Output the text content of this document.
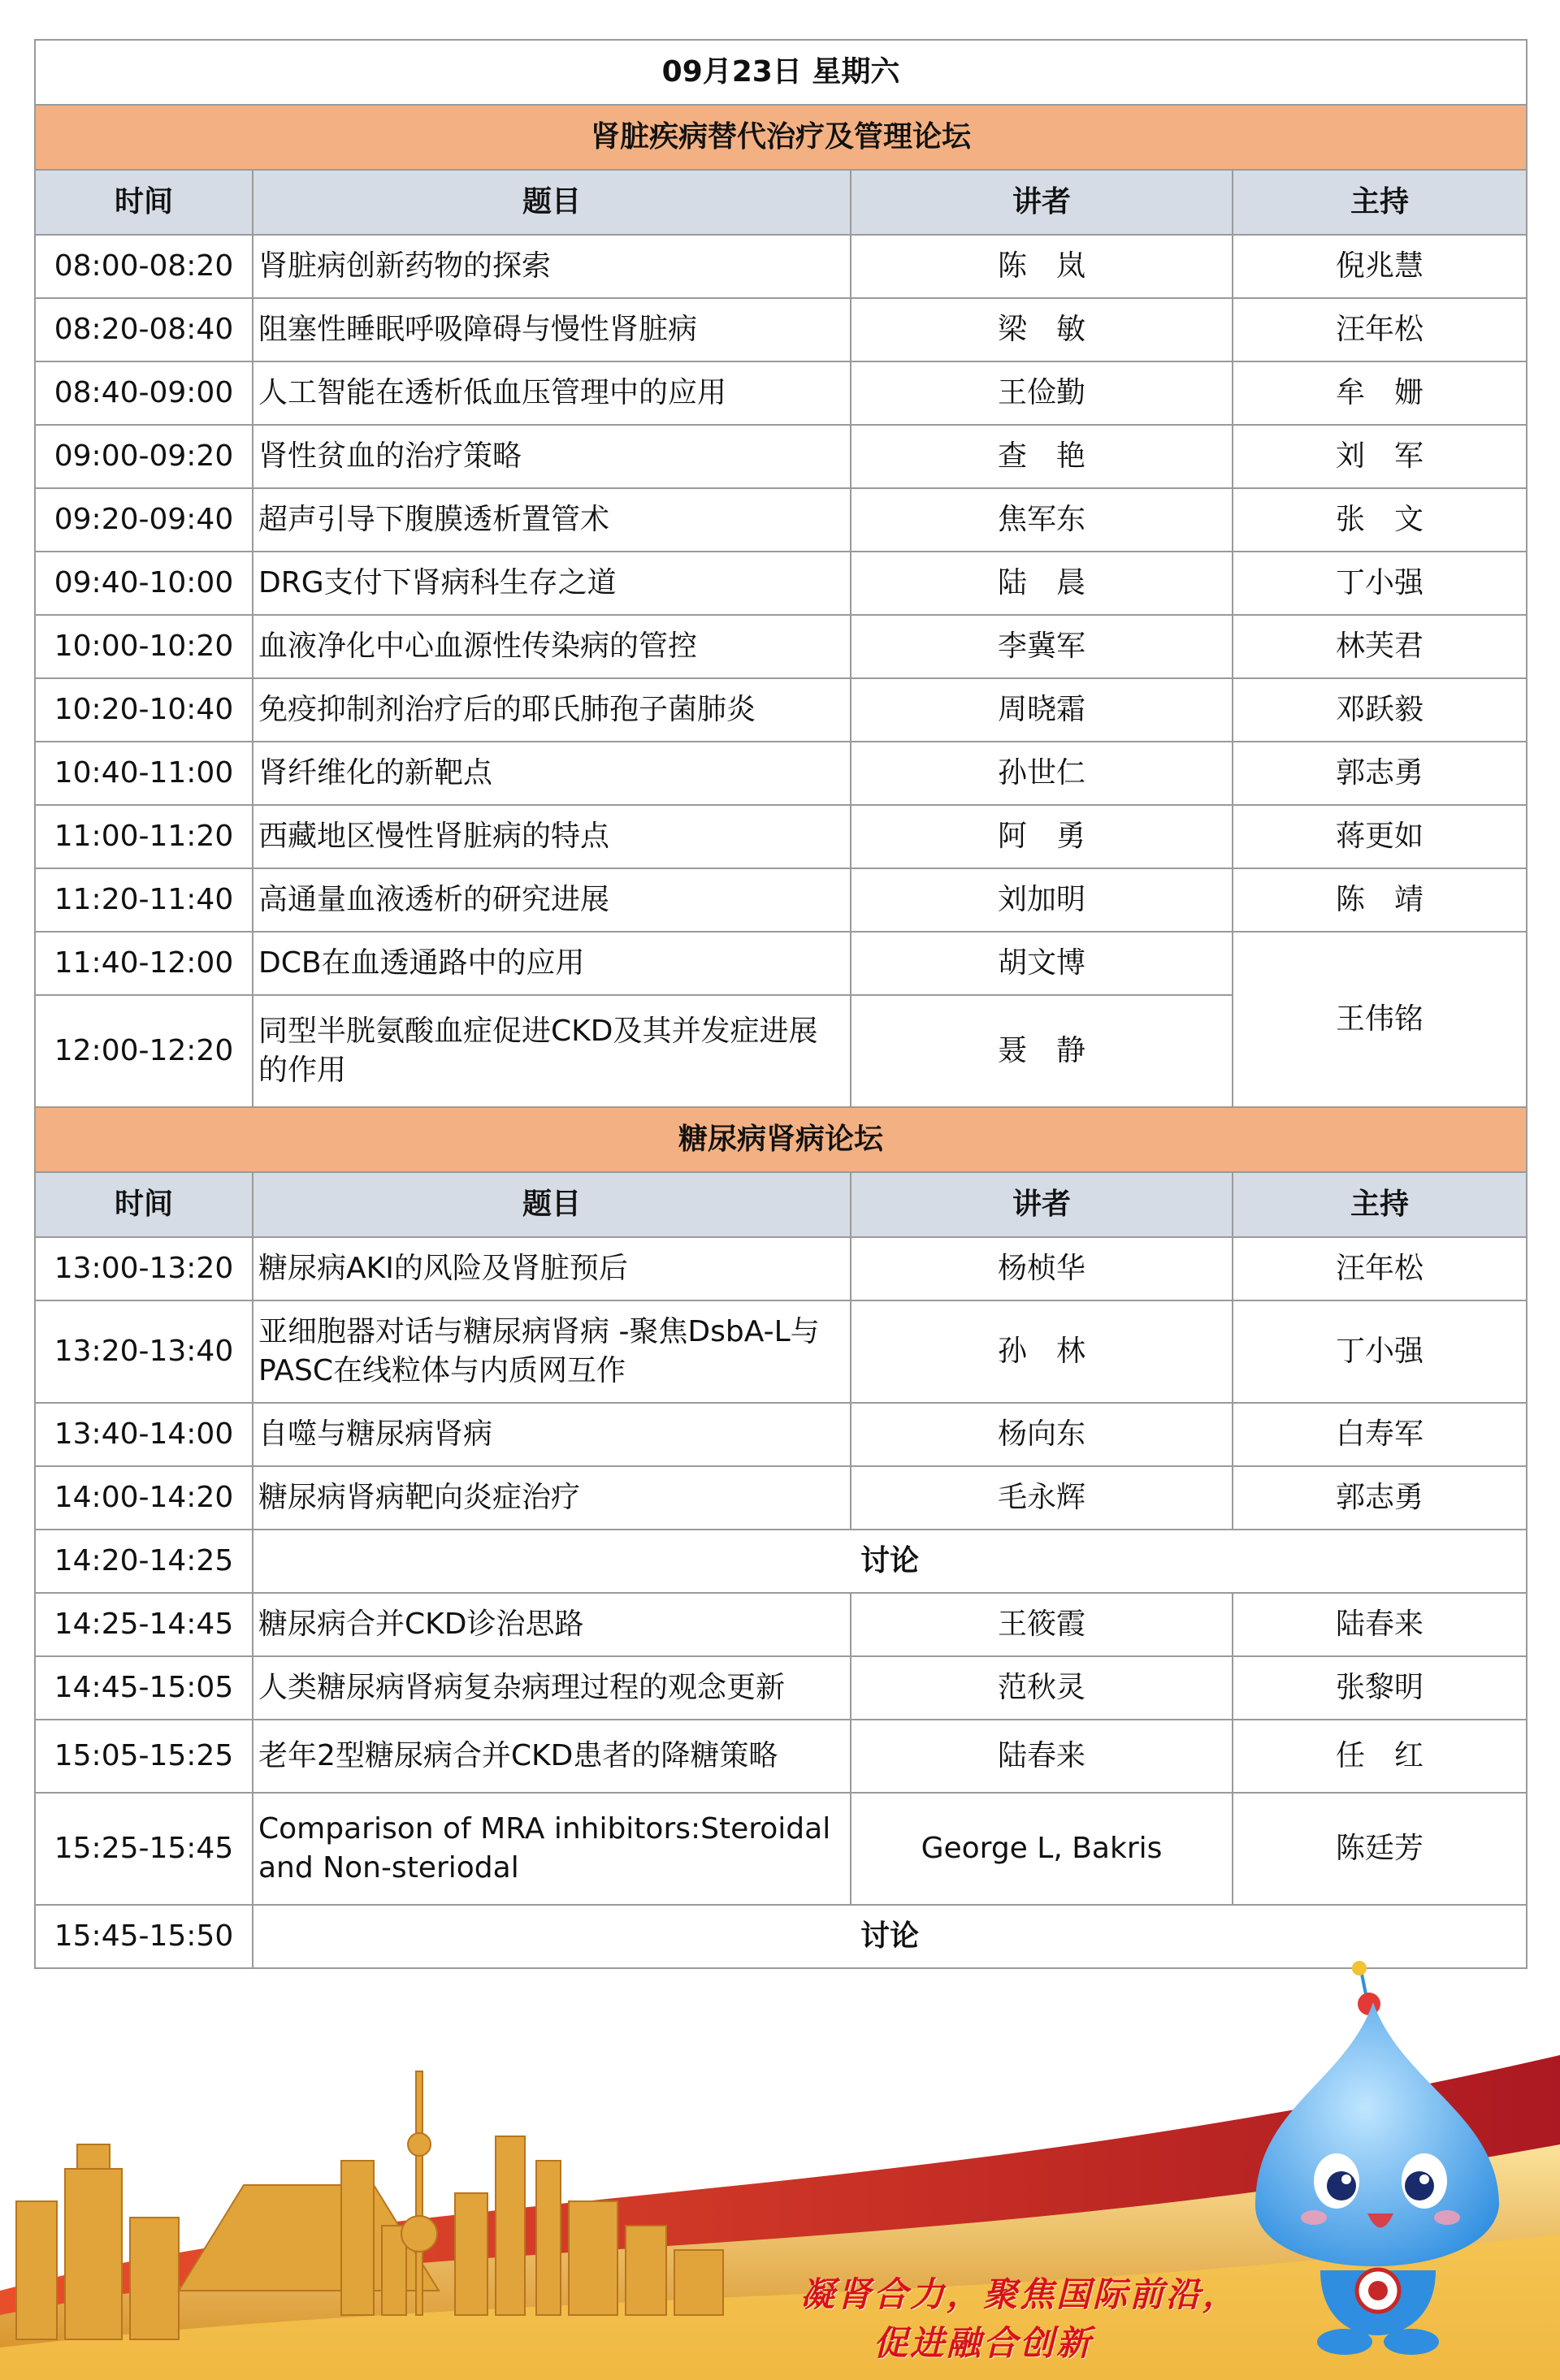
09月23日 星期六			
肾脏疾病替代治疗及管理论坛			
时间	题目	讲者	主持
08:00-08:20	肾脏病创新药物的探索	陈　岚	倪兆慧
08:20-08:40	阻塞性睡眠呼吸障碍与慢性肾脏病	梁　敏	汪年松
08:40-09:00	人工智能在透析低血压管理中的应用	王俭勤	牟　姗
09:00-09:20	肾性贫血的治疗策略	查　艳	刘　军
09:20-09:40	超声引导下腹膜透析置管术	焦军东	张　文
09:40-10:00	DRG支付下肾病科生存之道	陆　晨	丁小强
10:00-10:20	血液净化中心血源性传染病的管控	李冀军	林芙君
10:20-10:40	免疫抑制剂治疗后的耶氏肺孢子菌肺炎	周晓霜	邓跃毅
10:40-11:00	肾纤维化的新靶点	孙世仁	郭志勇
11:00-11:20	西藏地区慢性肾脏病的特点	阿　勇	蒋更如
11:20-11:40	高通量血液透析的研究进展	刘加明	陈　靖
11:40-12:00	DCB在血透通路中的应用	胡文博	王伟铭
12:00-12:20	同型半胱氨酸血症促进CKD及其并发症进展的作用	聂　静	
糖尿病肾病论坛			
时间	题目	讲者	主持
13:00-13:20	糖尿病AKI的风险及肾脏预后	杨桢华	汪年松
13:20-13:40	亚细胞器对话与糖尿病肾病 -聚焦DsbA-L与PASC在线粒体与内质网互作	孙　林	丁小强
13:40-14:00	自噬与糖尿病肾病	杨向东	白寿军
14:00-14:20	糖尿病肾病靶向炎症治疗	毛永辉	郭志勇
14:20-14:25	讨论		
14:25-14:45	糖尿病合并CKD诊治思路	王筱霞	陆春来
14:45-15:05	人类糖尿病肾病复杂病理过程的观念更新	范秋灵	张黎明
15:05-15:25	老年2型糖尿病合并CKD患者的降糖策略	陆春来	任　红
15:25-15:45	Comparison of MRA inhibitors:Steroidal and Non-steriodal	George L, Bakris	陈廷芳
15:45-15:50	讨论		
凝肾合力，聚焦国际前沿，
促进融合创新
